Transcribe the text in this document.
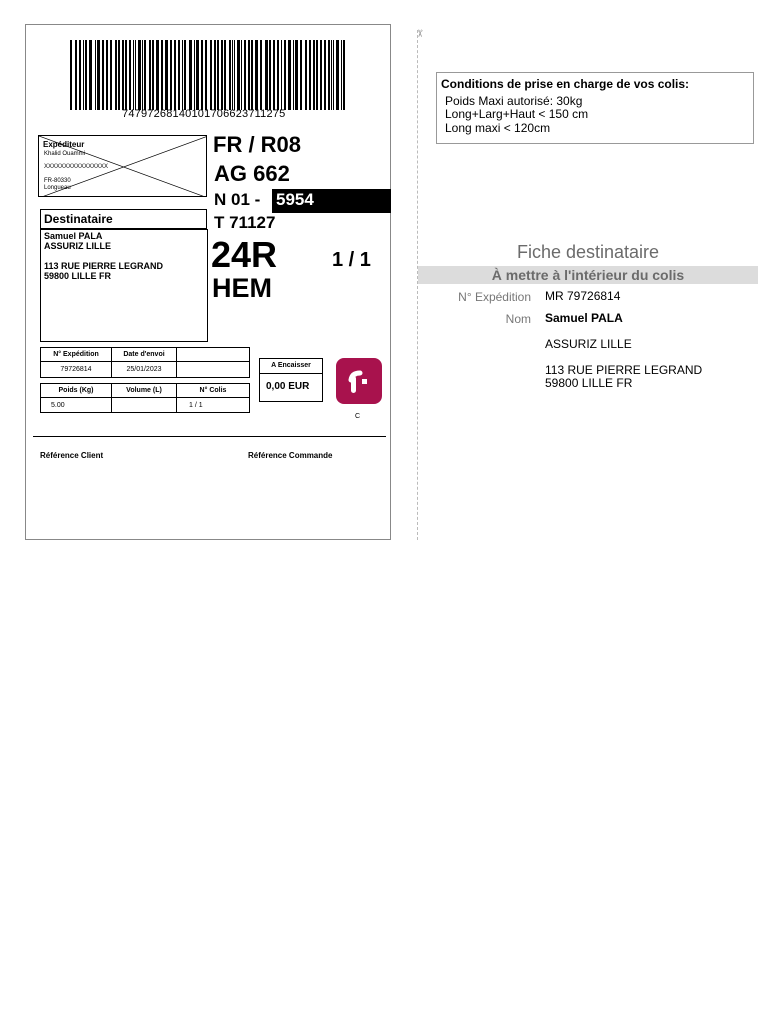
74797268140101706623711275
Expéditeur
Khalid Ouammi
XXXXXXXXXXXXXXXX
FR-80330
Longueau
FR / R08
AG 662
N 01 - 5954
T 71127
24R	1 / 1
HEM
Destinataire
Samuel PALA
ASSURIZ LILLE
113 RUE PIERRE LEGRAND
59800 LILLE FR
N° Expédition	Date d'envoi	
79726814	25/01/2023	
Poids (Kg)	Volume (L)	N° Colis
5.00		1 / 1
A Encaisser
0,00 EUR
C
Référence Client	Référence Commande
✂
Conditions de prise en charge de vos colis:
Poids Maxi autorisé: 30kg
Long+Larg+Haut < 150 cm
Long maxi < 120cm
Fiche destinataire
À mettre à l'intérieur du colis
N° Expédition MR 79726814
Nom Samuel PALA
ASSURIZ LILLE
113 RUE PIERRE LEGRAND
59800 LILLE FR
